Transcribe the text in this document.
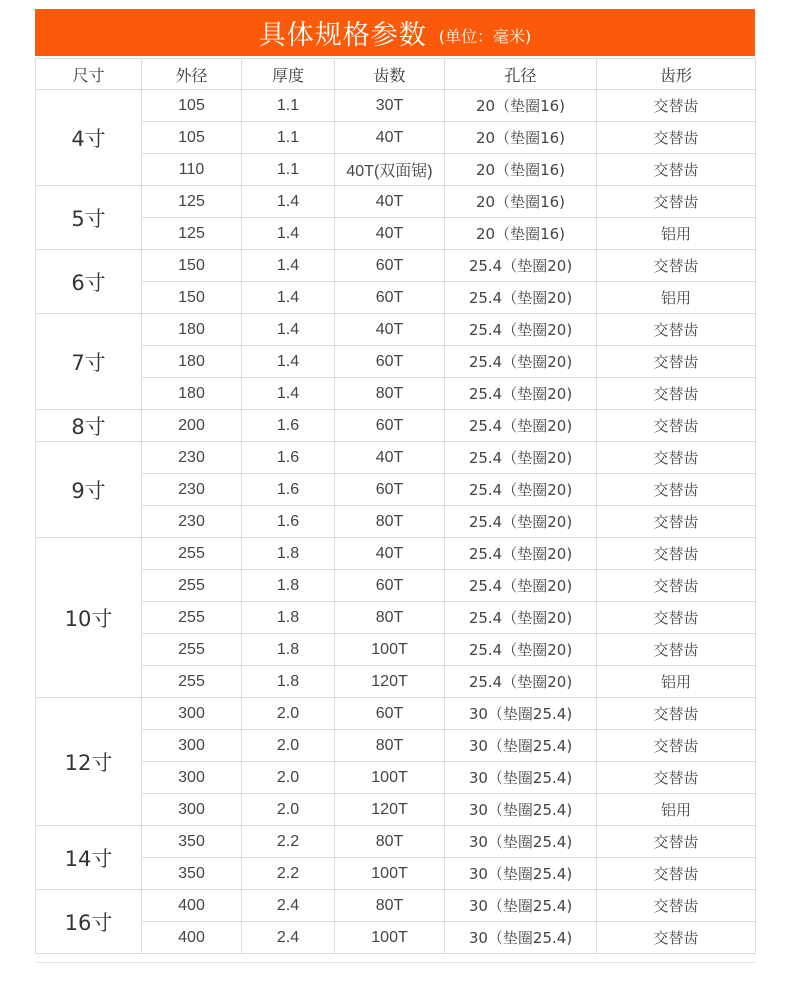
具体规格参数 (单位：毫米)
尺寸	外径	厚度	齿数	孔径	齿形
4寸	105	1.1	30T	20（垫圈16)	交替齿
	105	1.1	40T	20（垫圈16)	交替齿
	110	1.1	40T(双面锯)	20（垫圈16)	交替齿
5寸	125	1.4	40T	20（垫圈16)	交替齿
	125	1.4	40T	20（垫圈16)	铝用
6寸	150	1.4	60T	25.4（垫圈20)	交替齿
	150	1.4	60T	25.4（垫圈20)	铝用
7寸	180	1.4	40T	25.4（垫圈20)	交替齿
	180	1.4	60T	25.4（垫圈20)	交替齿
	180	1.4	80T	25.4（垫圈20)	交替齿
8寸	200	1.6	60T	25.4（垫圈20)	交替齿
9寸	230	1.6	40T	25.4（垫圈20)	交替齿
	230	1.6	60T	25.4（垫圈20)	交替齿
	230	1.6	80T	25.4（垫圈20)	交替齿
10寸	255	1.8	40T	25.4（垫圈20)	交替齿
	255	1.8	60T	25.4（垫圈20)	交替齿
	255	1.8	80T	25.4（垫圈20)	交替齿
	255	1.8	100T	25.4（垫圈20)	交替齿
	255	1.8	120T	25.4（垫圈20)	铝用
12寸	300	2.0	60T	30（垫圈25.4)	交替齿
	300	2.0	80T	30（垫圈25.4)	交替齿
	300	2.0	100T	30（垫圈25.4)	交替齿
	300	2.0	120T	30（垫圈25.4)	铝用
14寸	350	2.2	80T	30（垫圈25.4)	交替齿
	350	2.2	100T	30（垫圈25.4)	交替齿
16寸	400	2.4	80T	30（垫圈25.4)	交替齿
	400	2.4	100T	30（垫圈25.4)	交替齿
